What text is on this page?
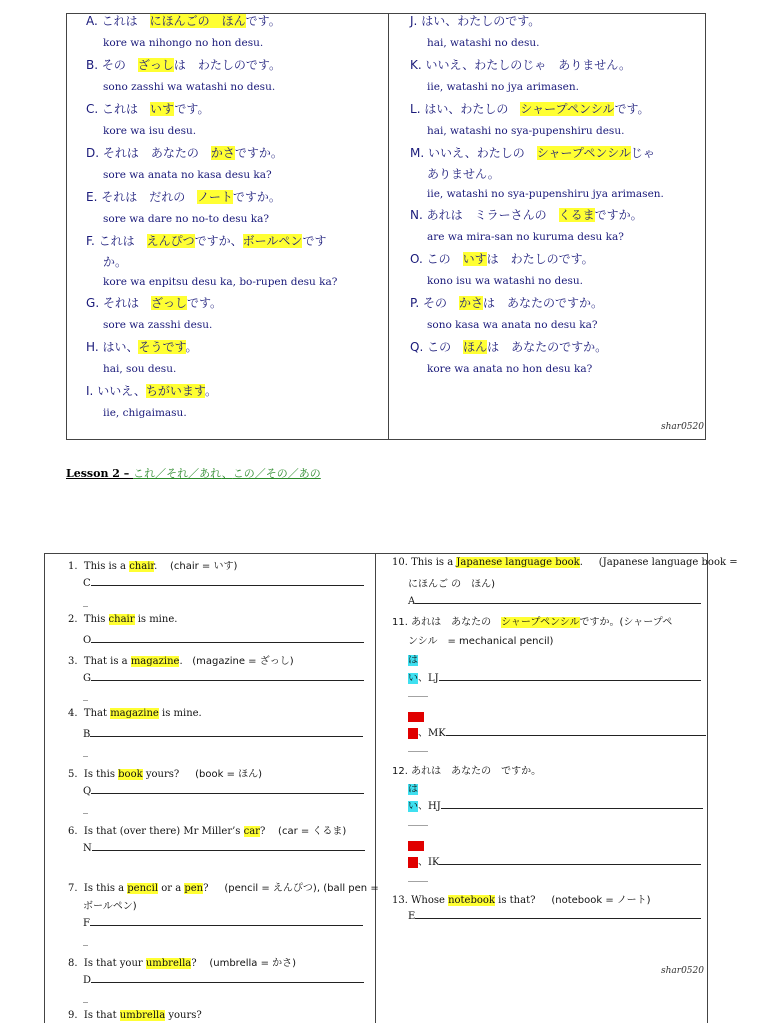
A. これは　にほんごの　ほんです。
kore wa nihongo no hon desu.
B. その　ざっしは　わたしのです。
sono zasshi wa watashi no desu.
C. これは　いすです。
kore wa isu desu.
D. それは　あなたの　かさですか。
sore wa anata no kasa desu ka?
E. それは　だれの　ノートですか。
sore wa dare no no-to desu ka?
F. これは　えんぴつですか、ボールペンです
か。
kore wa enpitsu desu ka, bo-rupen desu ka?
G. それは　ざっしです。
sore wa zasshi desu.
H. はい、そうです。
hai, sou desu.
I. いいえ、ちがいます。
iie, chigaimasu.
J. はい、わたしのです。
hai, watashi no desu.
K. いいえ、わたしのじゃ　ありません。
iie, watashi no jya arimasen.
L. はい、わたしの　シャープペンシルです。
hai, watashi no sya-pupenshiru desu.
M. いいえ、わたしの　シャープペンシルじゃ
ありません。
iie, watashi no sya-pupenshiru jya arimasen.
N. あれは　ミラーさんの　くるまですか。
are wa mira-san no kuruma desu ka?
O. この　いすは　わたしのです。
kono isu wa watashi no desu.
P. その　かさは　あなたのですか。
sono kasa wa anata no desu ka?
Q. この　ほんは　あなたのですか。
kore wa anata no hon desu ka?
shar0520
Lesson 2 – これ／それ／あれ、この／その／あの
1. This is a chair. (chair = いす)
C
_
2. This chair is mine.
O
3. That is a magazine. (magazine = ざっし)
G
_
4. That magazine is mine.
B
_
5. Is this book yours? (book = ほん)
Q
_
6. Is that (over there) Mr Miller’s car? (car = くるま)
N
7. Is this a pencil or a pen? (pencil = えんぴつ), (ball pen =
ボールペン)
F
_
8. Is that your umbrella? (umbrella = かさ)
D
_
9. Is that umbrella yours?
10. This is a Japanese language book. (Japanese language book =
にほんご の　ほん)
A
11. あれは　あなたの　シャープペンシルですか。(シャープペ
ンシル　= mechanical pencil)
は
い、LJ
____
、MK
____
12. あれは　あなたの　ですか。
は
い、HJ
____
、IK
____
13. Whose notebook is that? (notebook = ノート)
E
shar0520
